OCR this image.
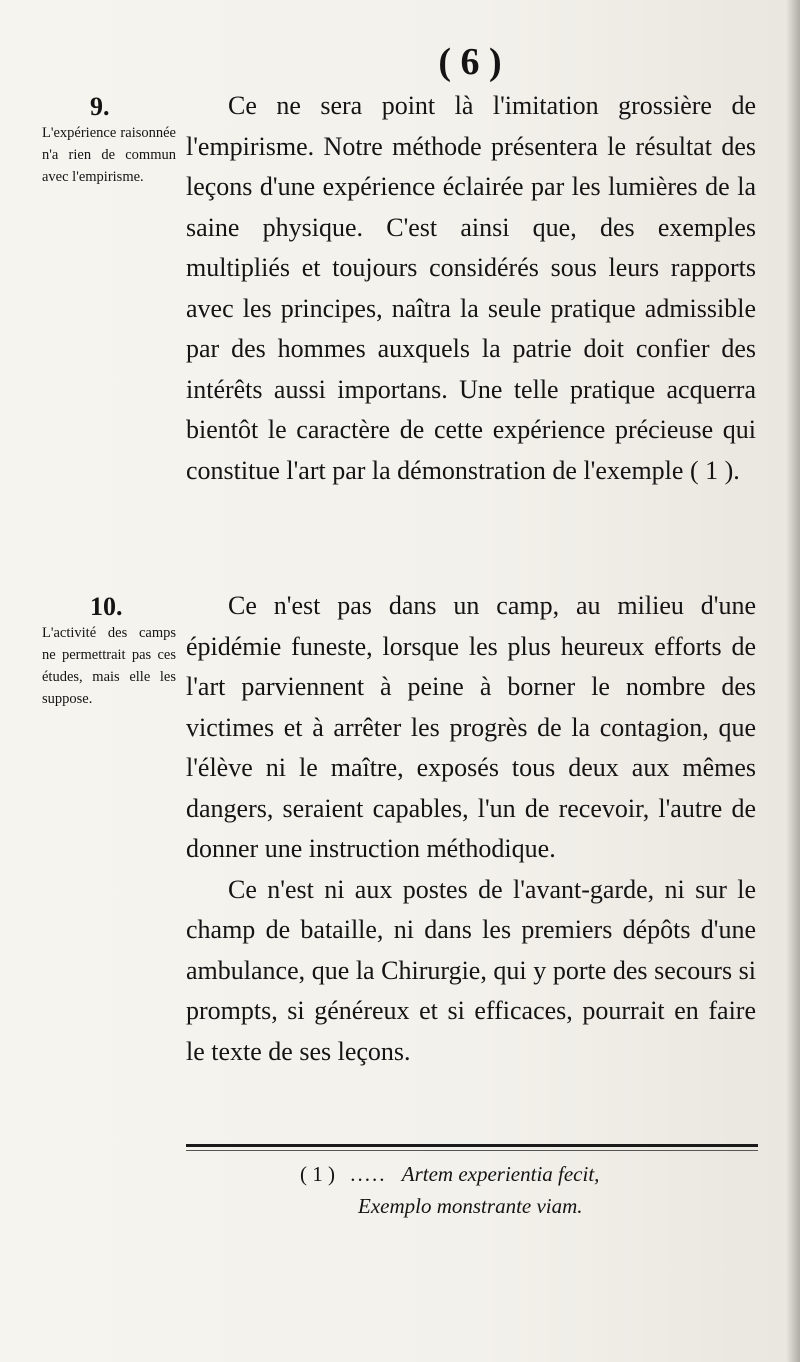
( 6 )
9.
L'expérience raisonnée n'a rien de commun avec l'empirisme.
10.
L'activité des camps ne permettrait pas ces études, mais elle les suppose.

Ce ne sera point là l'imitation grossière de l'empirisme. Notre méthode présentera le résultat des leçons d'une expérience éclairée par les lumières de la saine physique. C'est ainsi que, des exemples multipliés et toujours considérés sous leurs rapports avec les principes, naîtra la seule pratique admissible par des hommes auxquels la patrie doit confier des intérêts aussi importans. Une telle pratique acquerra bientôt le caractère de cette expérience précieuse qui constitue l'art par la démonstration de l'exemple ( 1 ).

Ce n'est pas dans un camp, au milieu d'une épidémie funeste, lorsque les plus heureux efforts de l'art parviennent à peine à borner le nombre des victimes et à arrêter les progrès de la contagion, que l'élève ni le maître, exposés tous deux aux mêmes dangers, seraient capables, l'un de recevoir, l'autre de donner une instruction méthodique.

Ce n'est ni aux postes de l'avant-garde, ni sur le champ de bataille, ni dans les premiers dépôts d'une ambulance, que la Chirurgie, qui y porte des secours si prompts, si généreux et si efficaces, pourrait en faire le texte de ses leçons.

( 1 ) ..... Artem experientia fecit,
Exemplo monstrante viam.
